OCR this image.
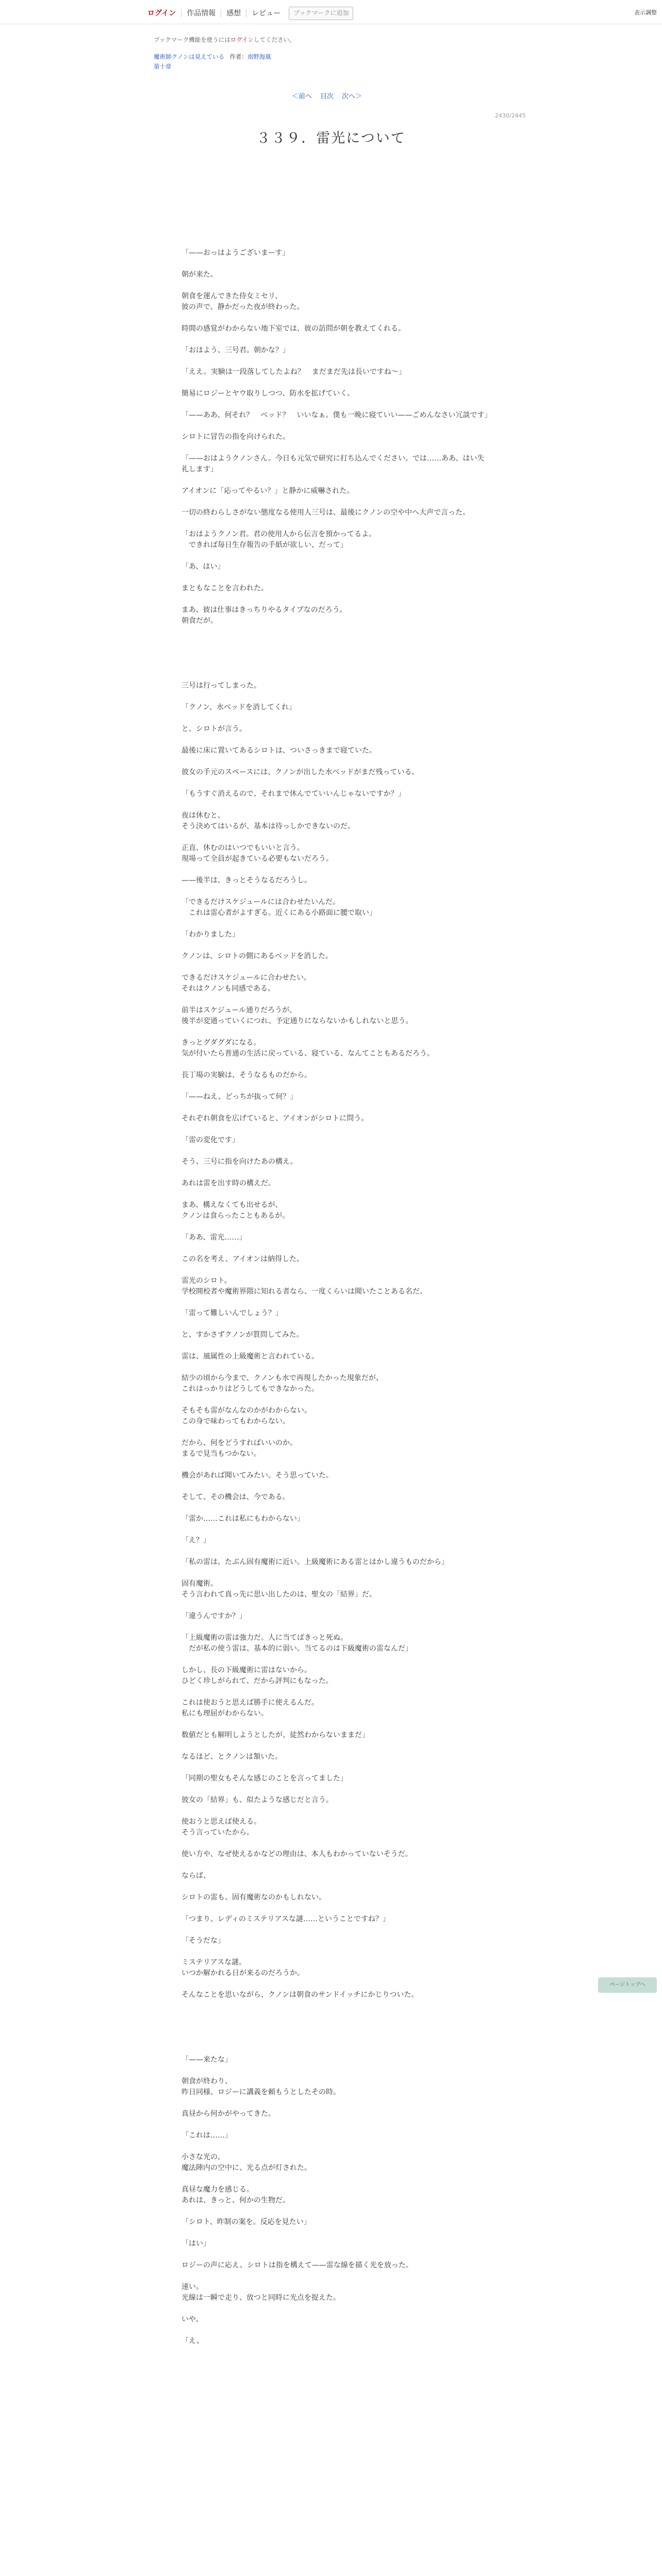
ログイン	作品情報	感想	レビュー	ブックマークに追加	表示調整
ブックマーク機能を使うにはログインしてください。
魔術師クノンは見えている 作者：南野海風
第十章
＜前へ 目次 次へ＞
2430/2445
３３９．雷光について

「——おっはようございまーす」

朝が来た。

朝食を運んできた侍女ミセリ、

彼の声で、静かだった夜が終わった。

時間の感覚がわからない地下室では、彼の訪問が朝を教えてくれる。

「おはよう、三号君。朝かな？」

「ええ。実験は一段落してしたよね？　まだまだ先は長いですね～」

簡易にロジーとヤウ取りしつつ、防水を拡げていく。

「——ああ、何それ？　ベッド？　いいなぁ。僕も一晩に寝ていい——ごめんなさい冗談です」

シロトに冒告の指を向けられた。

「——おはようクノンさん。今日も元気で研究に打ち込んでください。では……ああ、はい失礼します」

アイオンに「応ってやるい？」と静かに威嚇された。

一切の終わらしさがない態度なる使用人三号は、最後にクノンの空や中へ大声で言った。

「おはようクノン君。君の使用人から伝言を預かってるよ。

　できれば毎日生存報告の手紙が欲しい、だって」

「あ、はい」

まともなことを言われた。

まあ、彼は仕事はきっちりやるタイプなのだろう。

朝食だが。

三号は行ってしまった。

「クノン、水ベッドを消してくれ」

と、シロトが言う。

最後に床に置いてあるシロトは、ついさっきまで寝ていた。

彼女の手元のスペースには、クノンが出した水ベッドがまだ残っている。

「もうすぐ消えるので、それまで休んでていいんじゃないですか？」

夜は休むと、

そう決めてはいるが、基本は待っしかできないのだ。

正直、休むのはいつでもいいと言う。

現場って全員が起きている必要もないだろう。

——後半は、きっとそうなるだろうし。

「できるだけスケジュールには合わせたいんだ。

　これは雷心者がよすぎる。近くにある小路面に腰で取い」

「わかりました」

クノンは、シロトの側にあるベッドを消した。

できるだけスケジュールに合わせたい。

それはクノンも同感である。

前半はスケジュール通りだろうが、

後半が変通っていくにつれ、予定通りにならないかもしれないと思う。

きっとグダグダになる。

気が付いたら普通の生活に戻っている、寝ている、なんてこともあるだろう。

長丁場の実験は、そうなるものだから。

「——ねえ、どっちが抜って何？」

それぞれ朝食を広げていると、アイオンがシロトに問う。

「雷の変化です」

そう、三号に指を向けたあの構え。

あれは雷を出す時の構えだ。

まあ、構えなくても出せるが、

クノンは食らったこともあるが。

「ああ、雷光……」

この名を考え、アイオンは納得した。

雷光のシロト。

学校開校者や魔術界隈に知れる者なら、一度くらいは聞いたことある名だ。

「雷って難しいんでしょう？」

と、すかさずクノンが質問してみた。

雷は、風属性の上級魔術と言われている。

結少の頃から今まで、クノンも水で再現したかった現象だが、

これはっかりはどうしてもできなかった。

そもそも雷がなんなのかがわからない。

この身で味わってもわからない。

だから、何をどうすればいいのか。

まるで見当もつかない。

機会があれば聞いてみたい。そう思っていた。

そして、その機会は、今である。

「雷か……これは私にもわからない」

「え？」

「私の雷は、たぶん固有魔術に近い。上級魔術にある雷とはかし違うものだから」

固有魔術。

そう言われて真っ先に思い出したのは、聖女の「結界」だ。

「違うんですか？」

「上級魔術の雷は強力だ。人に当てばきっと死ぬ。

　だが私の使う雷は、基本的に弱い。当てるのは下級魔術の雷なんだ」

しかし、長の下級魔術に雷はないから。

ひどく珍しがられて、だから評判にもなった。

これは使おうと思えば勝手に使えるんだ。

私にも理屈がわからない。

数値だとも解明しようとしたが、徒然わからないままだ」

なるほど、とクノンは頷いた。

「同期の聖女もそんな感じのことを言ってました」

彼女の「結界」も、似たような感じだと言う。

使おうと思えば使える。

そう言っていたから。

使い方や、なぜ使えるかなどの理由は、本人もわかっていないそうだ。

ならば、

シロトの雷も、固有魔術なのかもしれない。

「つまり、レディのミステリアスな謎……ということですね？」

「そうだな」

ミステリアスな謎。

いつか解かれる日が来るのだろうか。

そんなことを思いながら、クノンは朝食のサンドイッチにかじりついた。

「——来たな」

朝食が終わり、

昨日同様、ロジーに講義を頼もうとしたその時。

真昼から何かがやってきた。

「これは……」

小さな光の、

魔法陣内の空中に、光る点が灯された。

真昼な魔力を感じる。

あれは、きっと、何かの生物だ。

「シロト、昨制の案を。反応を見たい」

「はい」

ロジーの声に応え、シロトは指を構えて——雷な線を描く光を放った。

速い。

光線は一瞬で走り、放つと同時に光点を捉えた。

いや。

「え、

ページトップへ
